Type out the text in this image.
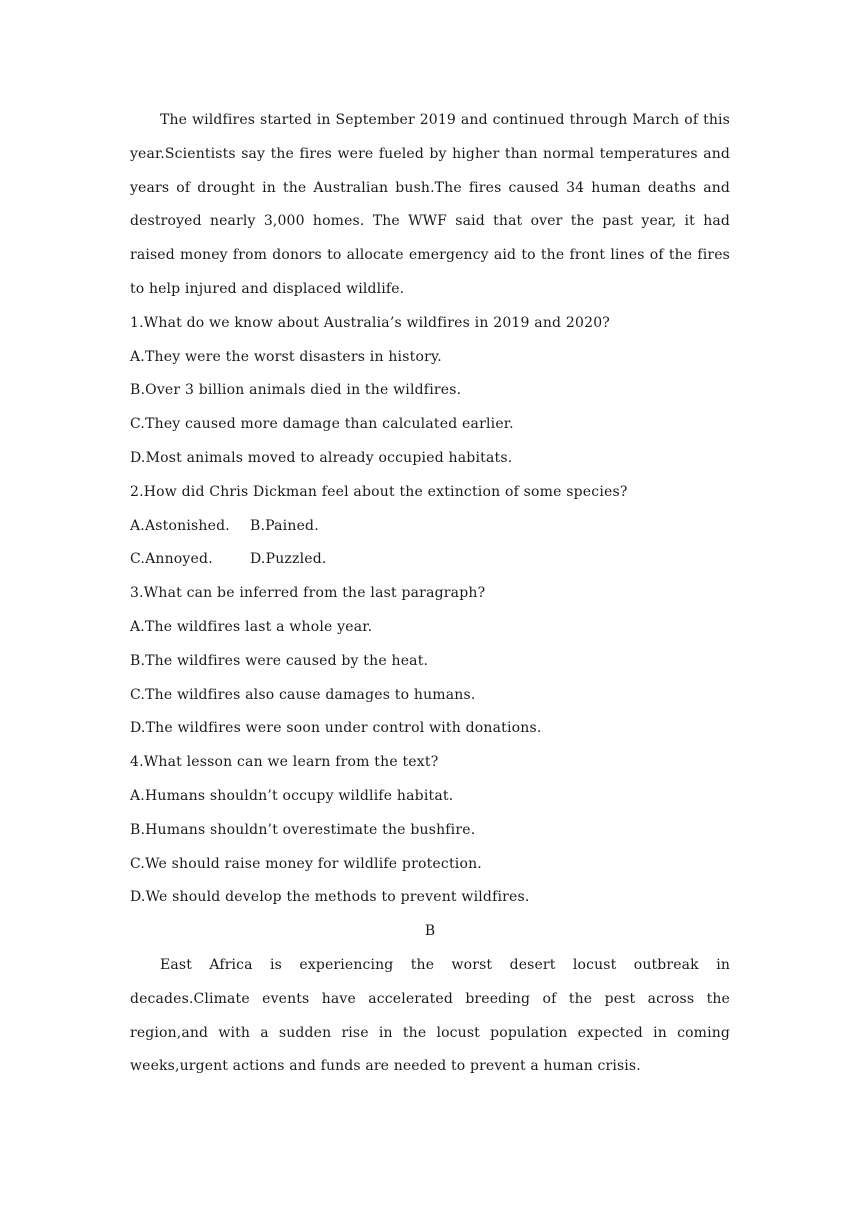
The wildfires started in September 2019 and continued through March of this year.Scientists say the fires were fueled by higher than normal temperatures and years of drought in the Australian bush.The fires caused 34 human deaths and destroyed nearly 3,000 homes. The WWF said that over the past year, it had raised money from donors to allocate emergency aid to the front lines of the fires to help injured and displaced wildlife.

1.What do we know about Australia’s wildfires in 2019 and 2020?

A.They were the worst disasters in history.

B.Over 3 billion animals died in the wildfires.

C.They caused more damage than calculated earlier.

D.Most animals moved to already occupied habitats.

2.How did Chris Dickman feel about the extinction of some species?

A.Astonished.	B.Pained.
C.Annoyed.	D.Puzzled.

3.What can be inferred from the last paragraph?

A.The wildfires last a whole year.

B.The wildfires were caused by the heat.

C.The wildfires also cause damages to humans.

D.The wildfires were soon under control with donations.

4.What lesson can we learn from the text?

A.Humans shouldn’t occupy wildlife habitat.

B.Humans shouldn’t overestimate the bushfire.

C.We should raise money for wildlife protection.

D.We should develop the methods to prevent wildfires.

B

East Africa is experiencing the worst desert locust outbreak in decades.Climate events have accelerated breeding of the pest across the region,and with a sudden rise in the locust population expected in coming weeks,urgent actions and funds are needed to prevent a human crisis.
